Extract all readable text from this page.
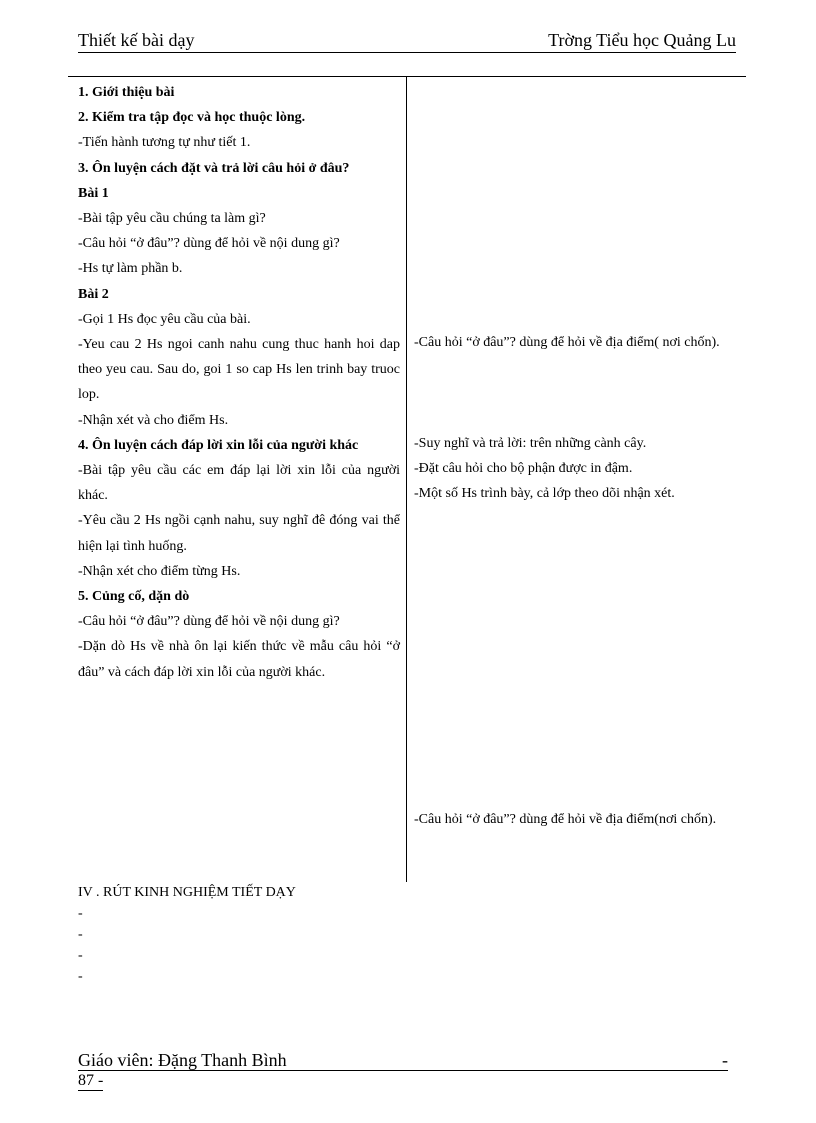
Thiết kế bài dạy	Trờng Tiểu học Quảng Lu

1. Giới thiệu bài

2. Kiểm tra tập đọc và học thuộc lòng.

-Tiến hành tương tự như tiết 1.

3. Ôn luyện cách đặt và trả lời câu hỏi ở đâu?

Bài 1

-Bài tập yêu cầu chúng ta làm gì?

-Câu hỏi “ở đâu”? dùng để hỏi về nội dung gì?

-Hs tự làm phần b.

Bài 2

-Gọi 1 Hs đọc yêu cầu của bài.

-Yeu cau 2 Hs ngoi canh nahu cung thuc hanh hoi dap theo yeu cau. Sau do, goi 1 so cap Hs len trinh bay truoc lop.

-Nhận xét và cho điểm Hs.

4. Ôn luyện cách đáp lời xin lỗi của người khác

-Bài tập yêu cầu các em đáp lại lời xin lỗi của người khác.

-Yêu cầu 2 Hs ngồi cạnh nahu, suy nghĩ đê đóng vai thể hiện lại tình huống.

-Nhận xét cho điểm từng Hs.

5. Củng cố, dặn dò

-Câu hỏi “ở đâu”? dùng để hỏi về nội dung gì?

-Dặn dò Hs về nhà ôn lại kiến thức về mẫu câu hỏi “ở đâu” và cách đáp lời xin lỗi của người khác.

-Câu hỏi “ở đâu”? dùng để hỏi về địa điểm( nơi chốn).

-Suy nghĩ và trả lời: trên những cành cây.

-Đặt câu hỏi cho bộ phận được in đậm.

-Một số Hs trình bày, cả lớp theo dõi nhận xét.

-Câu hỏi “ở đâu”? dùng để hỏi về địa điểm(nơi chốn).

IV . RÚT KINH NGHIỆM TIẾT DẠY

-

-

-

-

Giáo viên: Đặng Thanh Bình	-
87 -
